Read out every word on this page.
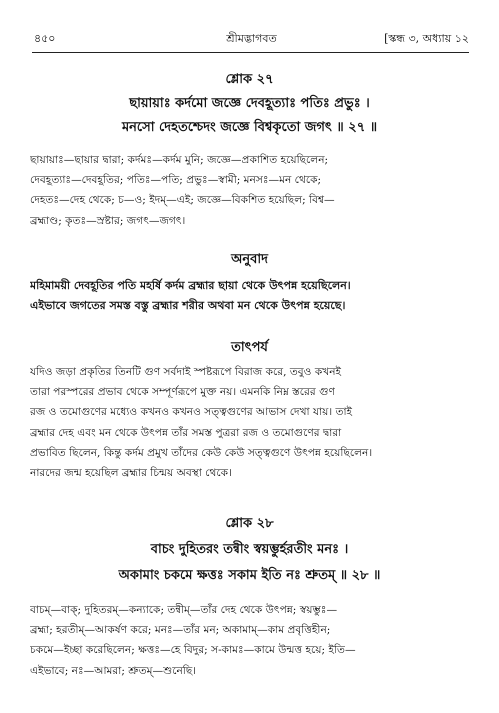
৪৫০	শ্রীমদ্ভাগবত	[স্কন্ধ ৩, অধ্যায় ১২
শ্লোক ২৭
ছায়ায়াঃ কর্দমো জজ্ঞে দেবহূত্যাঃ পতিঃ প্রভুঃ ।
মনসো দেহতশ্চেদং জজ্ঞে বিশ্বকৃতো জগৎ ॥ ২৭ ॥

ছায়ায়াঃ—ছায়ার দ্বারা; কর্দমঃ—কর্দম মুনি; জজ্ঞে—প্রকাশিত হয়েছিলেন;

দেবহূত্যাঃ—দেবহূতির; পতিঃ—পতি; প্রভুঃ—স্বামী; মনসঃ—মন থেকে;

দেহতঃ—দেহ থেকে; চ—ও; ইদম্—এই; জজ্ঞে—বিকশিত হয়েছিল; বিশ্ব—

ব্রহ্মাণ্ড; কৃতঃ—স্রষ্টার; জগৎ—জগৎ।

অনুবাদ

মহিমাময়ী দেবহূতির পতি মহর্ষি কর্দম ব্রহ্মার ছায়া থেকে উৎপন্ন হয়েছিলেন।

এইভাবে জগতের সমস্ত বস্তু ব্রহ্মার শরীর অথবা মন থেকে উৎপন্ন হয়েছে।

তাৎপর্য

যদিও জড়া প্রকৃতির তিনটি গুণ সর্বদাই স্পষ্টরূপে বিরাজ করে, তবুও কখনই

তারা পরস্পরের প্রভাব থেকে সম্পূর্ণরূপে মুক্ত নয়। এমনকি নিম্ন স্তরের গুণ

রজ ও তমোগুণের মধ্যেও কখনও কখনও সত্ত্বগুণের আভাস দেখা যায়। তাই

ব্রহ্মার দেহ এবং মন থেকে উৎপন্ন তাঁর সমস্ত পুত্ররা রজ ও তমোগুণের দ্বারা

প্রভাবিত ছিলেন, কিন্তু কর্দম প্রমুখ তাঁদের কেউ কেউ সত্ত্বগুণে উৎপন্ন হয়েছিলেন।

নারদের জন্ম হয়েছিল ব্রহ্মার চিন্ময় অবস্থা থেকে।

শ্লোক ২৮
বাচং দুহিতরং তন্বীং স্বয়ম্ভুর্হরতীং মনঃ ।
অকামাং চকমে ক্ষত্তঃ সকাম ইতি নঃ শ্রুতম্ ॥ ২৮ ॥

বাচম্—বাক্; দুহিতরম্—কন্যাকে; তন্বীম্—তাঁর দেহ থেকে উৎপন্ন; স্বয়ম্ভুঃ—

ব্রহ্মা; হরতীম্—আকর্ষণ করে; মনঃ—তাঁর মন; অকামাম্—কাম প্রবৃত্তিহীন;

চকমে—ইচ্ছা করেছিলেন; ক্ষত্তঃ—হে বিদুর; স-কামঃ—কামে উন্মত্ত হয়ে; ইতি—

এইভাবে; নঃ—আমরা; শ্রুতম্—শুনেছি।
